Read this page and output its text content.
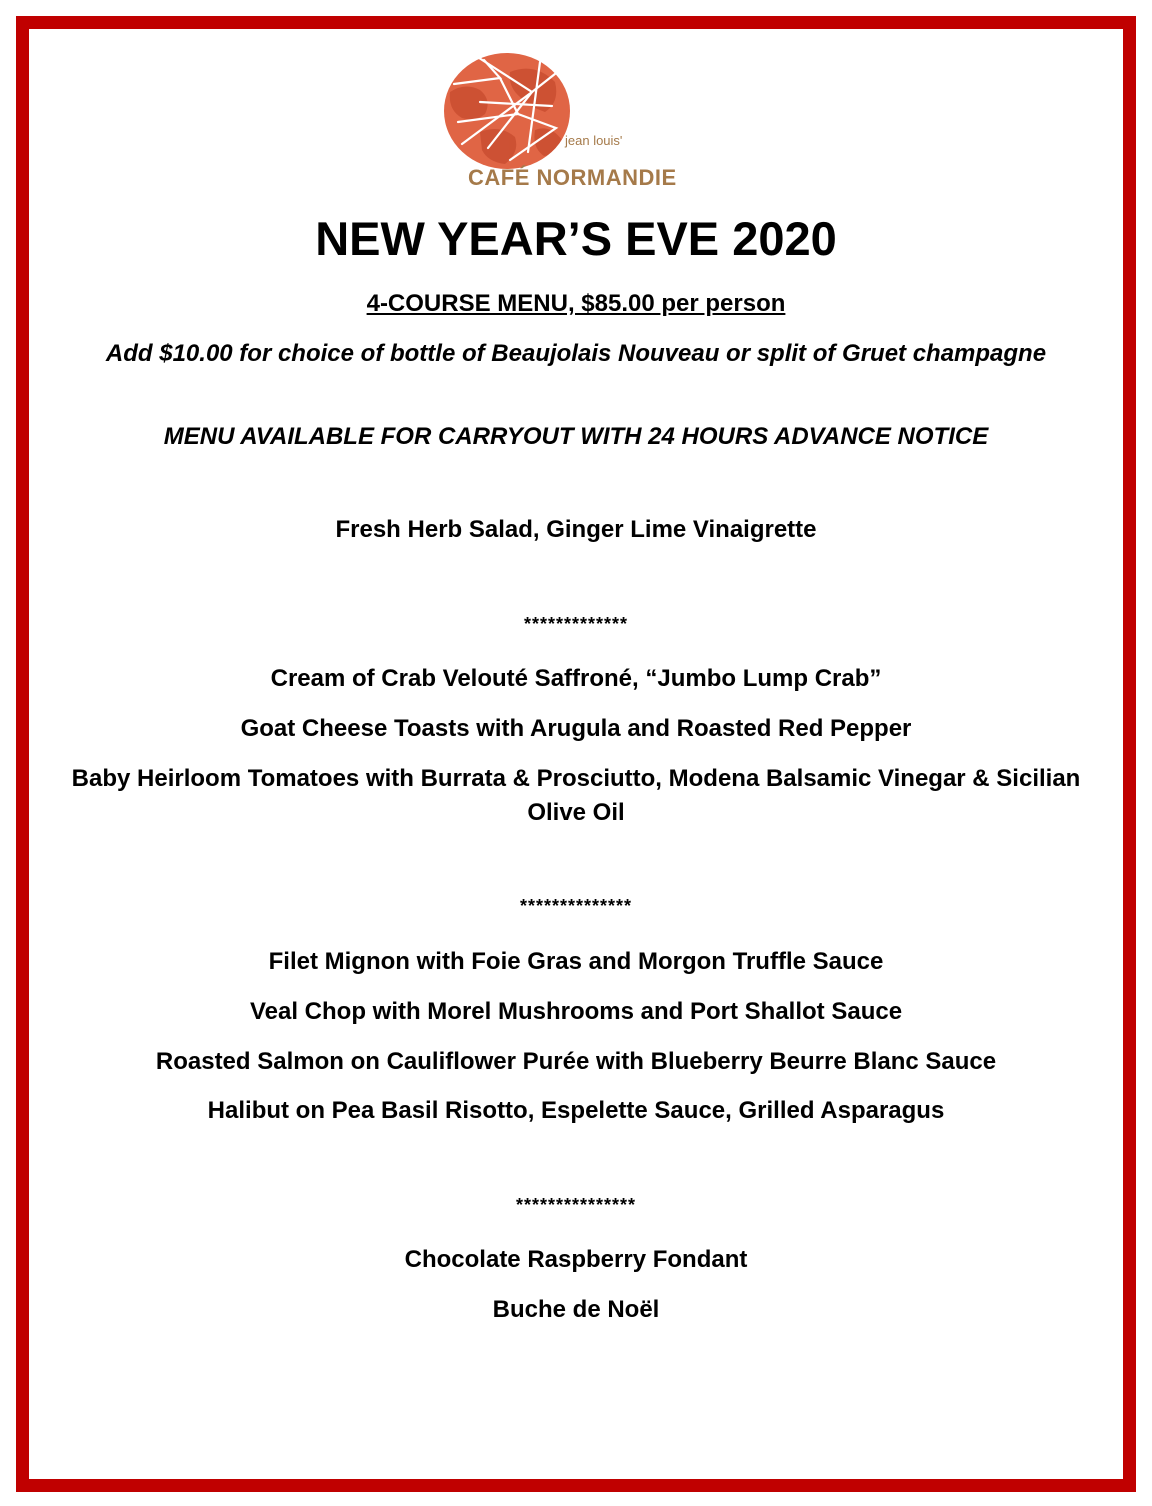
jean louis'
CAFÉ NORMANDIE
NEW YEAR’S EVE 2020
4-COURSE MENU, $85.00 per person
Add $10.00 for choice of bottle of Beaujolais Nouveau or split of Gruet champagne
MENU AVAILABLE FOR CARRYOUT WITH 24 HOURS ADVANCE NOTICE
Fresh Herb Salad, Ginger Lime Vinaigrette
*************
Cream of Crab Velouté Saffroné, “Jumbo Lump Crab”
Goat Cheese Toasts with Arugula and Roasted Red Pepper
Baby Heirloom Tomatoes with Burrata & Prosciutto, Modena Balsamic Vinegar & Sicilian Olive Oil
**************
Filet Mignon with Foie Gras and Morgon Truffle Sauce
Veal Chop with Morel Mushrooms and Port Shallot Sauce
Roasted Salmon on Cauliflower Purée with Blueberry Beurre Blanc Sauce
Halibut on Pea Basil Risotto, Espelette Sauce, Grilled Asparagus
***************
Chocolate Raspberry Fondant
Buche de Noël
